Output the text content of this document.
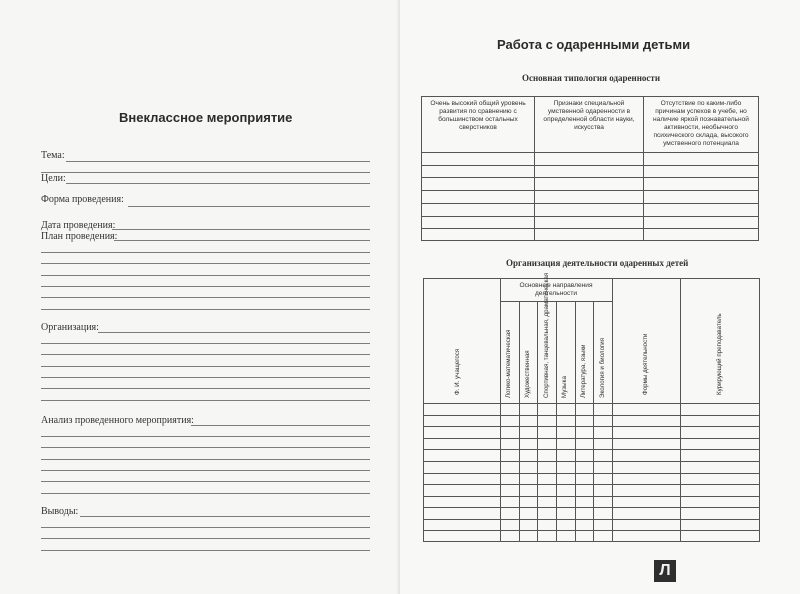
Внеклассное мероприятие
Тема:
Цели:
Форма проведения:
Дата проведения:
План проведения:
Организация:
Анализ проведенного мероприятия:
Выводы:
Работа с одаренными детьми
Основная типология одаренности
Очень высокий общий уровень развития по сравнению с большинством остальных сверстников
Признаки специальной умственной одаренности в определенной области науки, искусства
Отсутствие по каким-либо причинам успехов в учебе, но наличие яркой познавательной активности, необычного психического склада, высокого умственного потенциала
Организация деятельности одаренных детей
Основные направления деятельности
Логико-математическая Художественная Спортивная, танцевальная, драматическая Музыка Литература, языки Экология и биология
Ф. И. учащегося	Формы деятельности	Курирующий преподаватель
Л
